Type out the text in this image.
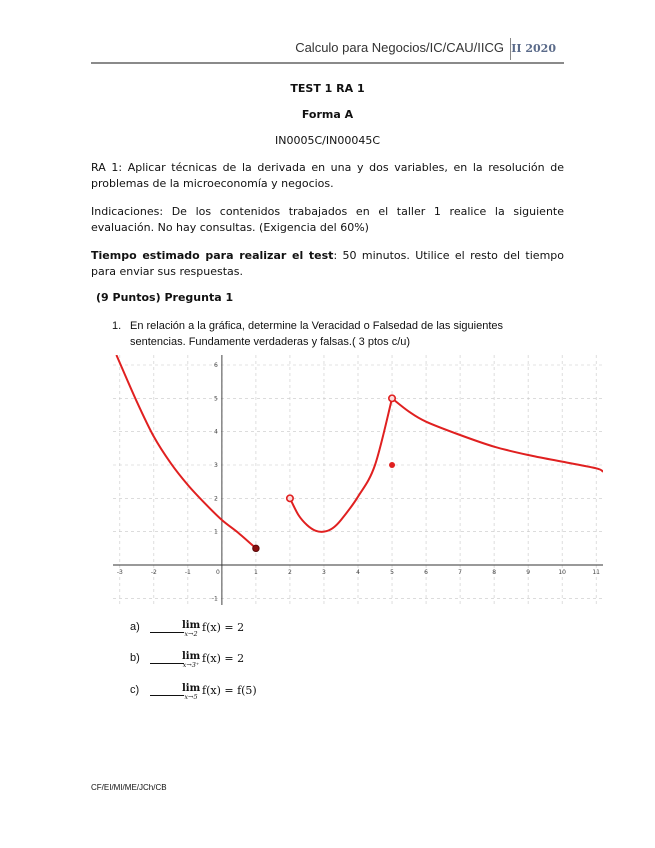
Calculo para Negocios/IC/CAU/IICG II 2020
TEST 1 RA 1
Forma A
IN0005C/IN00045C
RA 1: Aplicar técnicas de la derivada en una y dos variables, en la resolución de problemas de la microeconomía y negocios.
Indicaciones: De los contenidos trabajados en el taller 1 realice la siguiente evaluación. No hay consultas. (Exigencia del 60%)
Tiempo estimado para realizar el test: 50 minutos. Utilice el resto del tiempo para enviar sus respuestas.
(9 Puntos) Pregunta 1
1. En relación a la gráfica, determine la Veracidad o Falsedad de las siguientes sentencias. Fundamente verdaderas y falsas.( 3 ptos c/u)
-3	-2	-1	1	2	3	4	5	6	7	8	9	10	11
0
-1
1
2
3
4
5
6
a)	lim
x→2 f(x) = 2
b)	lim
x→3⁺ f(x) = 2
c)	lim
x→5 f(x) = f(5)
CF/EI/MI/ME/JCh/CB
